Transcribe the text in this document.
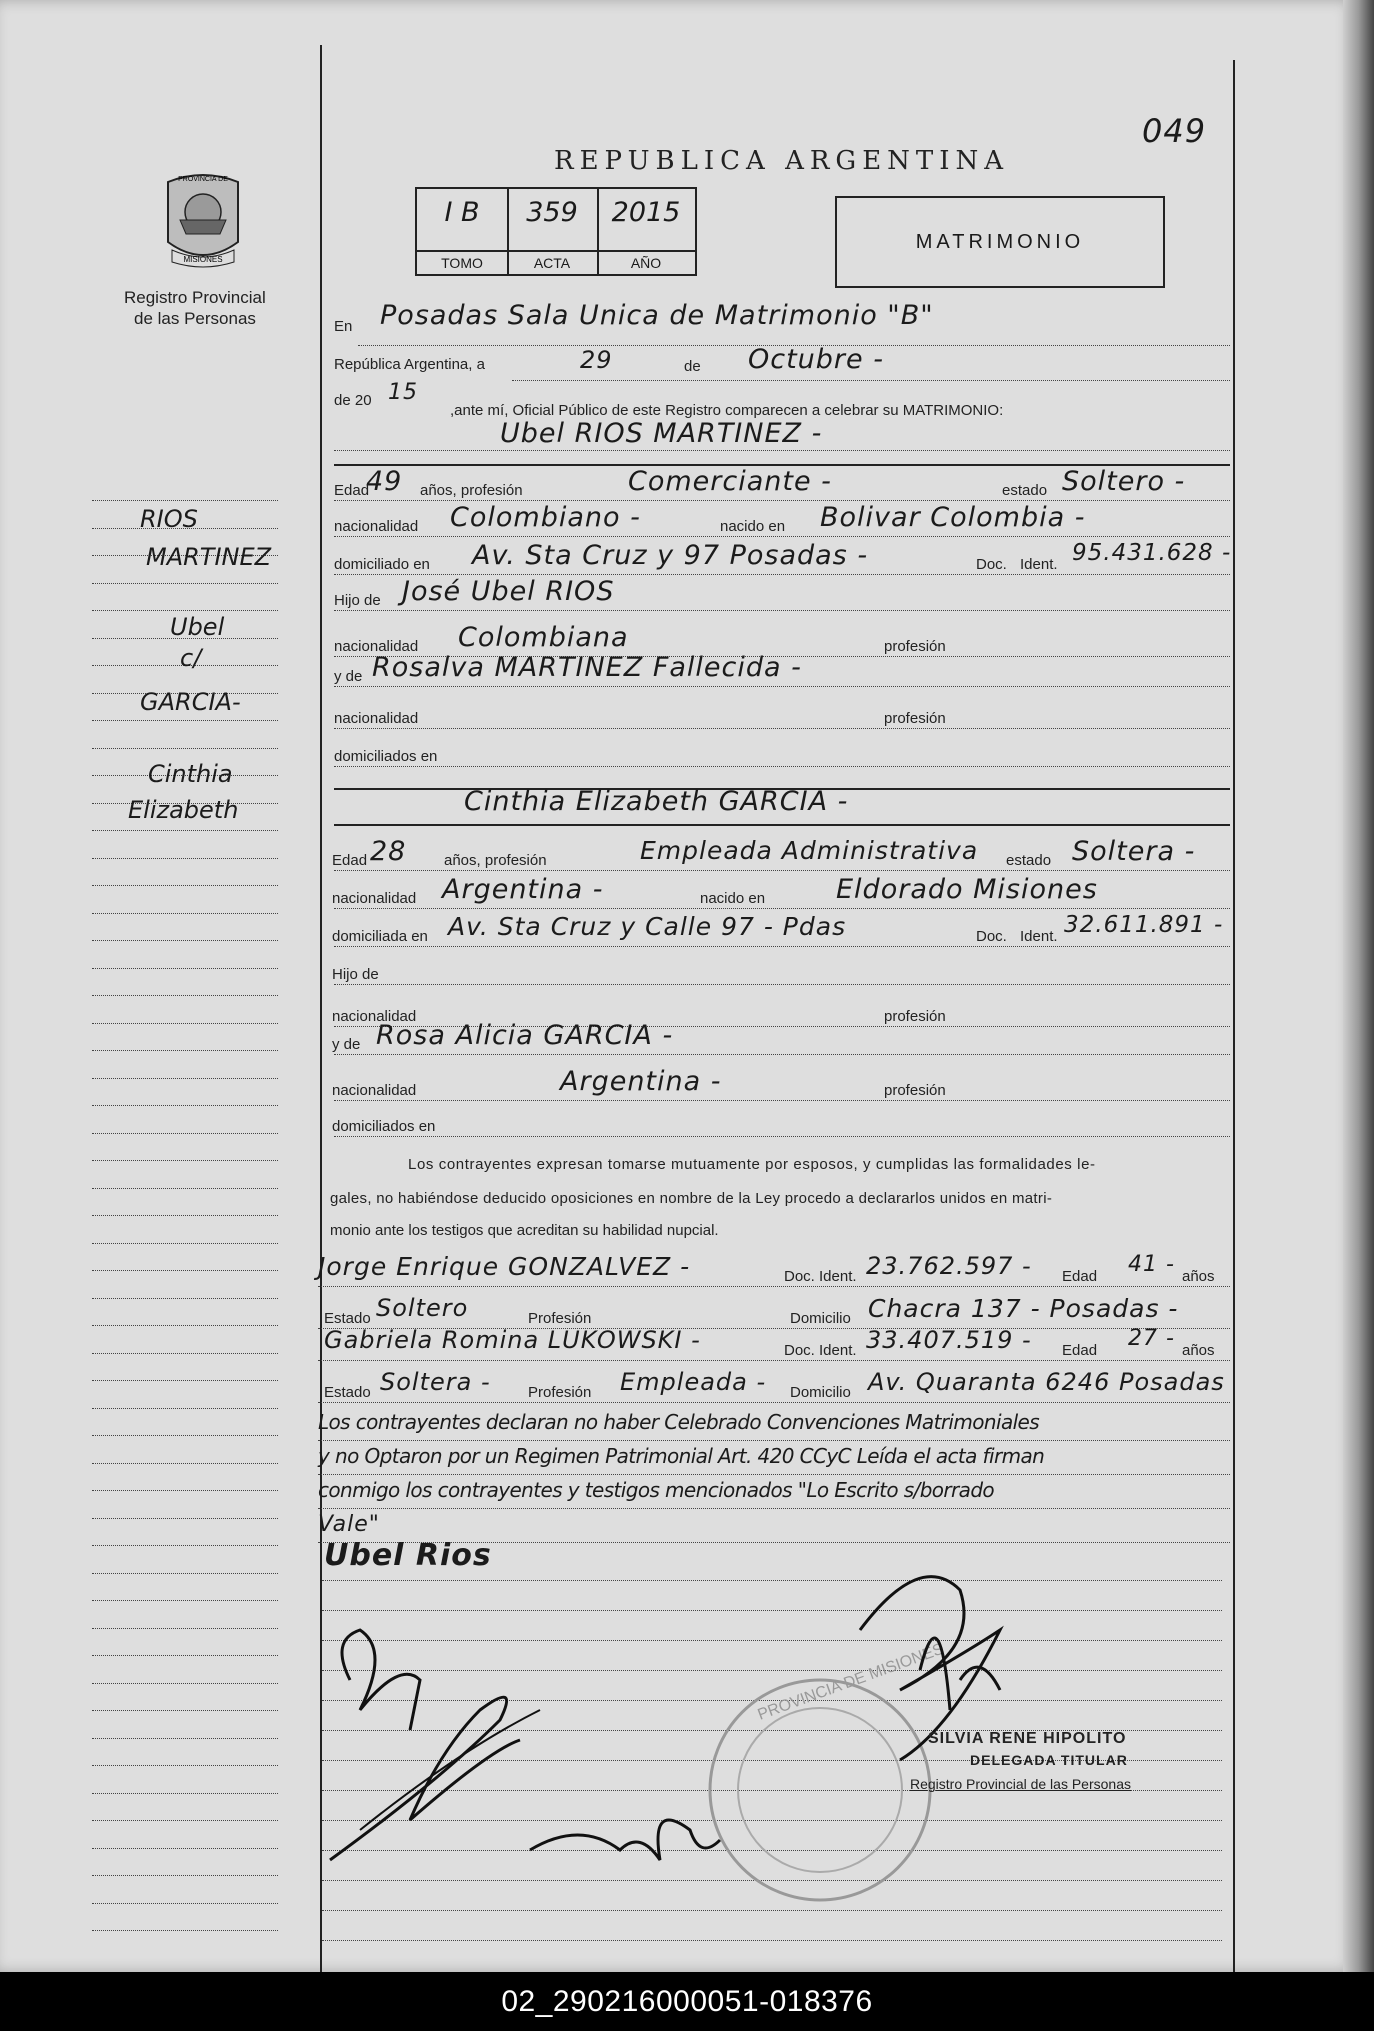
049
PROVINCIA DE
MISIONES
Registro Provincial
de las Personas
REPUBLICA ARGENTINA
I B
TOMO
359
ACTA
2015
AÑO
MATRIMONIO
RIOS
MARTINEZ
Ubel
c/
GARCIA-
Cinthia
Elizabeth
En Posadas Sala Unica de Matrimonio "B"
República Argentina, a	29	de Octubre -
de 20 15
,ante mí, Oficial Público de este Registro comparecen a celebrar su MATRIMONIO:
Ubel RIOS MARTINEZ -
Edad
49 años, profesión	Comerciante -	estado Soltero -
nacionalidad Colombiano -	nacido en Bolivar Colombia -
domiciliado en Av. Sta Cruz y 97 Posadas -	Doc. Ident. 95.431.628 -
Hijo de José Ubel RIOS
nacionalidad Colombiana	profesión
y de Rosalva MARTINEZ Fallecida -
nacionalidad	profesión
domiciliados en
Cinthia Elizabeth GARCIA -
Edad 28	años, profesión	Empleada Administrativa estado Soltera -
nacionalidad Argentina -	nacido en	Eldorado Misiones
domiciliada en Av. Sta Cruz y Calle 97 - Pdas	Doc. Ident. 32.611.891 -
Hijo de
nacionalidad	profesión
y de Rosa Alicia GARCIA -
nacionalidad	Argentina -	profesión
domiciliados en
Los contrayentes expresan tomarse mutuamente por esposos, y cumplidas las formalidades le-
gales, no habiéndose deducido oposiciones en nombre de la Ley procedo a declararlos unidos en matri-
monio ante los testigos que acreditan su habilidad nupcial.
Jorge Enrique GONZALVEZ -	Doc. Ident. 23.762.597 - Edad 41 - años
Estado Soltero	Profesión	Domicilio Chacra 137 - Posadas -
Gabriela Romina LUKOWSKI -	Doc. Ident. 33.407.519 - Edad 27 - años
Estado Soltera - Profesión Empleada - Domicilio Av. Quaranta 6246 Posadas
Los contrayentes declaran no haber Celebrado Convenciones Matrimoniales
y no Optaron por un Regimen Patrimonial Art. 420 CCyC Leída el acta firman
conmigo los contrayentes y testigos mencionados "Lo Escrito s/borrado
Vale"
Ubel Rios
PROVINCIA DE MISIONES
SILVIA RENE HIPOLITO
DELEGADA TITULAR
Registro Provincial de las Personas
02_290216000051-018376
